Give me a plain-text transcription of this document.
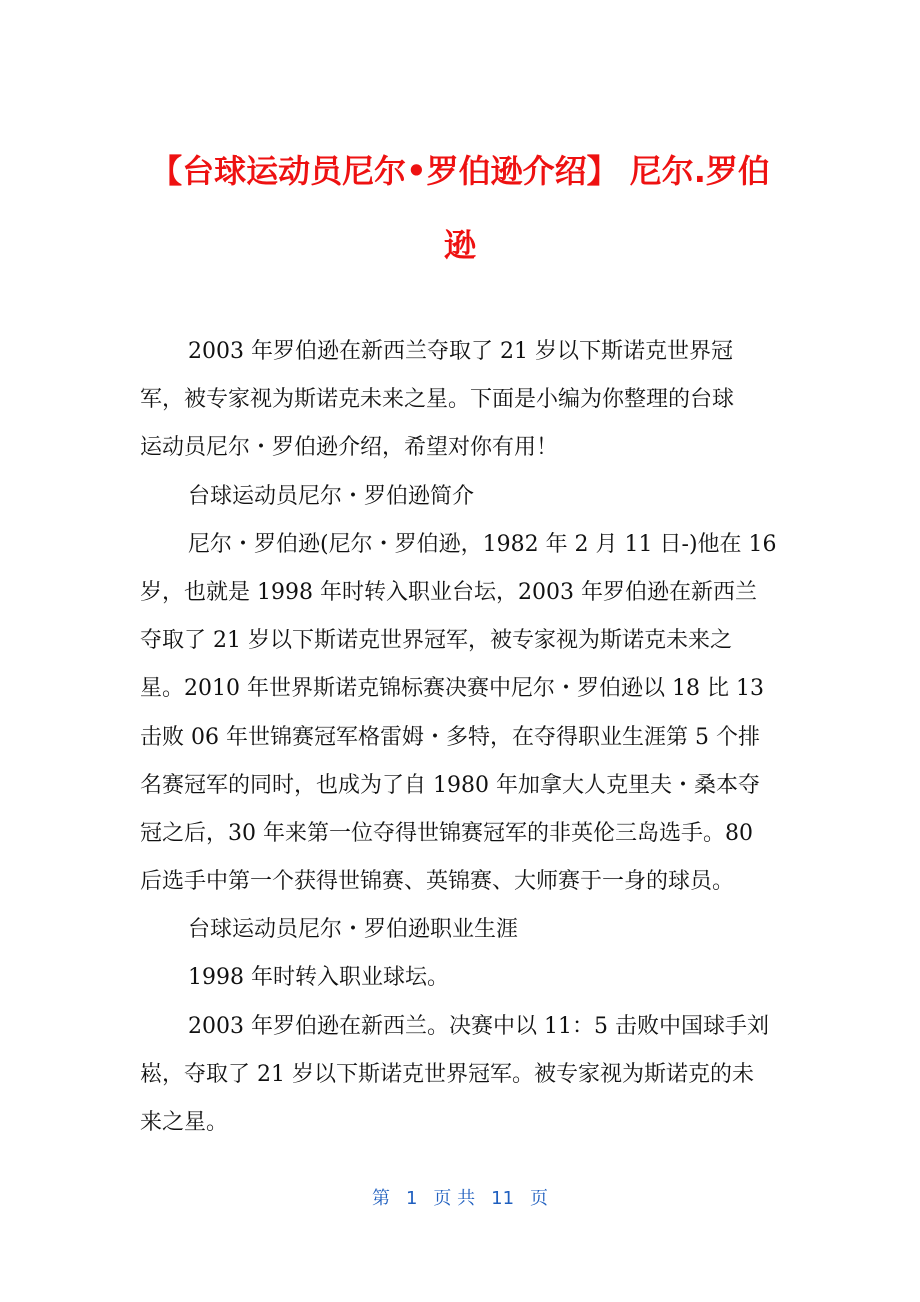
【台球运动员尼尔•罗伯逊介绍】 尼尔.罗伯
逊
2003 年罗伯逊在新西兰夺取了 21 岁以下斯诺克世界冠
军，被专家视为斯诺克未来之星。下面是小编为你整理的台球
运动员尼尔・罗伯逊介绍，希望对你有用！
台球运动员尼尔・罗伯逊简介
尼尔・罗伯逊(尼尔・罗伯逊，1982 年 2 月 11 日-)他在 16
岁，也就是 1998 年时转入职业台坛，2003 年罗伯逊在新西兰
夺取了 21 岁以下斯诺克世界冠军，被专家视为斯诺克未来之
星。2010 年世界斯诺克锦标赛决赛中尼尔・罗伯逊以 18 比 13
击败 06 年世锦赛冠军格雷姆・多特，在夺得职业生涯第 5 个排
名赛冠军的同时，也成为了自 1980 年加拿大人克里夫・桑本夺
冠之后，30 年来第一位夺得世锦赛冠军的非英伦三岛选手。80
后选手中第一个获得世锦赛、英锦赛、大师赛于一身的球员。
台球运动员尼尔・罗伯逊职业生涯
1998 年时转入职业球坛。
2003 年罗伯逊在新西兰。决赛中以 11：5 击败中国球手刘
崧，夺取了 21 岁以下斯诺克世界冠军。被专家视为斯诺克的未
来之星。
第 1 页 共 11 页
